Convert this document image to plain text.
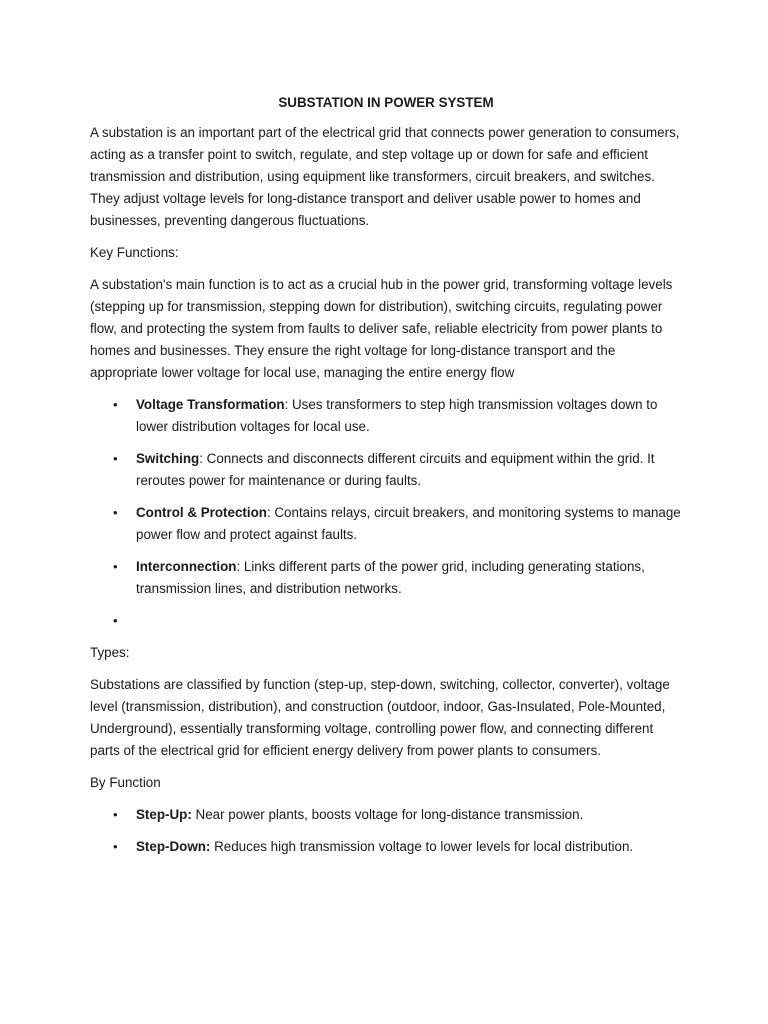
SUBSTATION IN POWER SYSTEM

A substation is an important part of the electrical grid that connects power generation to consumers, acting as a transfer point to switch, regulate, and step voltage up or down for safe and efficient transmission and distribution, using equipment like transformers, circuit breakers, and switches. They adjust voltage levels for long-distance transport and deliver usable power to homes and businesses, preventing dangerous fluctuations.

Key Functions:

A substation's main function is to act as a crucial hub in the power grid, transforming voltage levels (stepping up for transmission, stepping down for distribution), switching circuits, regulating power flow, and protecting the system from faults to deliver safe, reliable electricity from power plants to homes and businesses. They ensure the right voltage for long-distance transport and the appropriate lower voltage for local use, managing the entire energy flow

• Voltage Transformation: Uses transformers to step high transmission voltages down to lower distribution voltages for local use.
• Switching: Connects and disconnects different circuits and equipment within the grid. It reroutes power for maintenance or during faults.
• Control & Protection: Contains relays, circuit breakers, and monitoring systems to manage power flow and protect against faults.
• Interconnection: Links different parts of the power grid, including generating stations, transmission lines, and distribution networks.
•

Types:

Substations are classified by function (step-up, step-down, switching, collector, converter), voltage level (transmission, distribution), and construction (outdoor, indoor, Gas-Insulated, Pole-Mounted, Underground), essentially transforming voltage, controlling power flow, and connecting different parts of the electrical grid for efficient energy delivery from power plants to consumers.

By Function

• Step-Up: Near power plants, boosts voltage for long-distance transmission.
• Step-Down: Reduces high transmission voltage to lower levels for local distribution.
